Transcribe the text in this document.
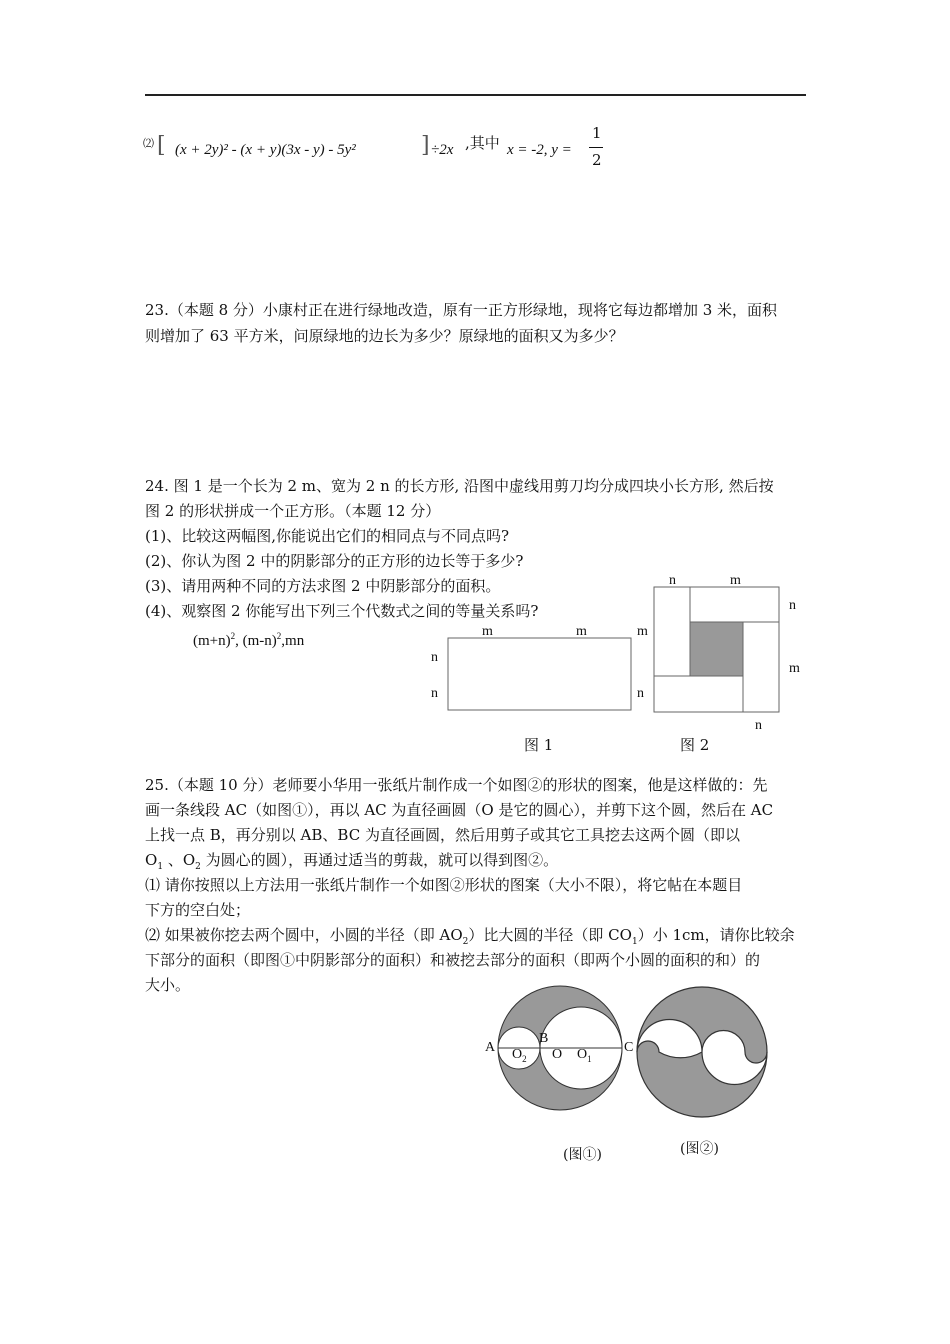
⑵ [ (x + 2y)² - (x + y)(3x - y) - 5y²	] ÷2x ,其中 x = -2, y =
1
2
23.（本题 8 分）小康村正在进行绿地改造，原有一正方形绿地，现将它每边都增加 3 米，面积
则增加了 63 平方米，问原绿地的边长为多少？原绿地的面积又为多少？
24. 图 1 是一个长为 2 m、宽为 2 n 的长方形, 沿图中虚线用剪刀均分成四块小长方形, 然后按
图 2 的形状拼成一个正方形。（本题 12 分）
(1)、比较这两幅图,你能说出它们的相同点与不同点吗?
(2)、你认为图 2 中的阴影部分的正方形的边长等于多少?
(3)、请用两种不同的方法求图 2 中阴影部分的面积。
(4)、观察图 2 你能写出下列三个代数式之间的等量关系吗?
$(m+n)^2$, $(m-n)^2,mn$
m	m
n
n
图 1
n	m
m
n
n
m
n
图 2
25.（本题 10 分）老师要小华用一张纸片制作成一个如图②的形状的图案，他是这样做的：先
画一条线段 AC（如图①），再以 AC 为直径画圆（O 是它的圆心），并剪下这个圆，然后在 AC
上找一点 B，再分别以 AB、BC 为直径画圆，然后用剪子或其它工具挖去这两个圆（即以
$O_1$ 、$O_2$ 为圆心的圆），再通过适当的剪裁，就可以得到图②。
⑴ 请你按照以上方法用一张纸片制作一个如图②形状的图案（大小不限），将它帖在本题目
下方的空白处；
⑵ 如果被你挖去两个圆中，小圆的半径（即 $AO_2$）比大圆的半径（即 $CO_1$）小 1cm，请你比较余
下部分的面积（即图①中阴影部分的面积）和被挖去部分的面积（即两个小圆的面积的和）的
大小。
A
B
C
$O_2$ O $O_1$
(图①)	(图②)
